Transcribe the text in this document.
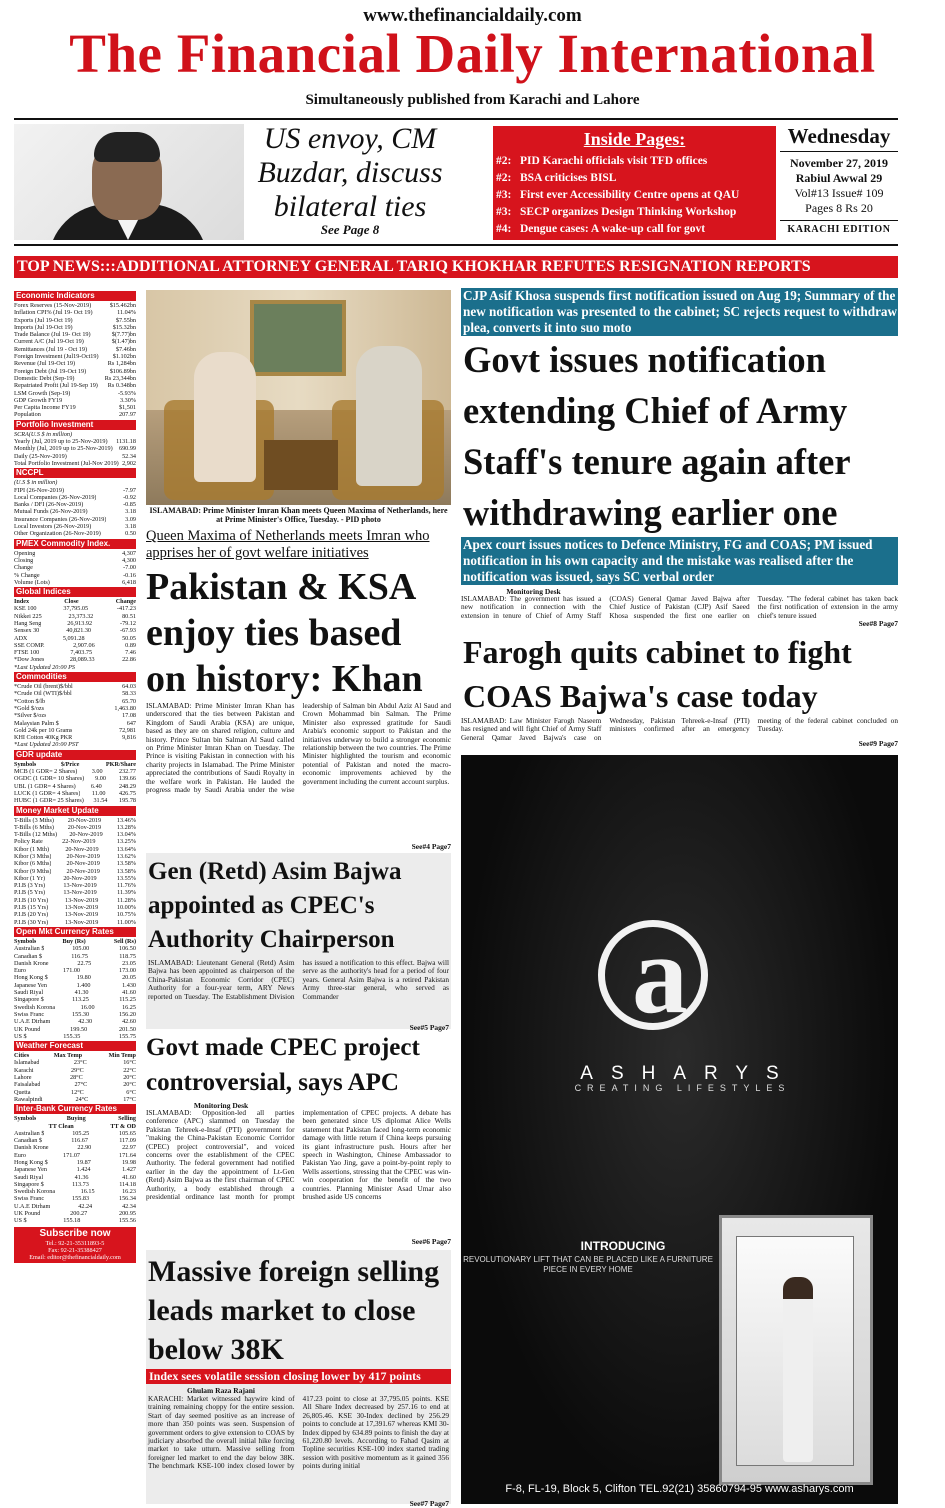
www.thefinancialdaily.com
The Financial Daily International
Simultaneously published from Karachi and Lahore
US envoy, CM Buzdar, discuss bilateral ties
See Page 8
Inside Pages:
#2: PID Karachi officials visit TFD offices
#2: BSA criticises BISL
#3: First ever Accessibility Centre opens at QAU
#3: SECP organizes Design Thinking Workshop
#4: Dengue cases: A wake-up call for govt
Wednesday
November 27, 2019
Rabiul Awwal 29
Vol#13 Issue# 109
Pages 8 Rs 20
KARACHI EDITION
TOP NEWS:::ADDITIONAL ATTORNEY GENERAL TARIQ KHOKHAR REFUTES RESIGNATION REPORTS
Economic Indicators
Forex Reserves (15-Nov-2019)	$15.462bn
Inflation CPI% (Jul 19- Oct 19)	11.04%
Exports (Jul 19-Oct 19)	$7.55bn
Imports (Jul 19-Oct 19)	$15.32bn
Trade Balance (Jul 19- Oct 19)	$(7.77)bn
Current A/C (Jul 19-Oct 19)	$(1.47)bn
Remittances (Jul 19 - Oct 19)	$7.46bn
Foreign Investment (Jul19-Oct19) $1.102bn
Revenue (Jul 19-Oct 19)	Rs 1,284bn
Foreign Debt (Jul 19-Oct 19)	$106.89bn
Domestic Debt (Sep-19)	Rs 23,344bn
Repatriated Profit (Jul 19-Sep 19) Rs 0.348bn
LSM Growth (Sep-19)	-5.93%
GDP Growth FY19	3.30%
Per Capita Income FY19	$1,501
Population	207.97
Portfolio Investment
SCRA(U.S $ in million)
Yearly (Jul, 2019 up to 25-Nov-2019) 1131.18
Monthly (Jul, 2019 up to 25-Nov-2019) 690.99
Daily (25-Nov-2019)	52.34
Total Portfolio Investment (Jul-Nov 2019) 2,902
NCCPL
(U.S $ in million)
FIPI (26-Nov-2019)	-7.97
Local Companies (26-Nov-2019)	-0.92
Banks / DFI (26-Nov-2019)	-0.85
Mutual Funds (26-Nov-2019)	3.18
Insurance Companies (26-Nov-2019)	3.09
Local Investors (26-Nov-2019)	3.18
Other Organization (26-Nov-2019)	0.50
PMEX Commodity Index.
Opening	4,307
Closing	4,300
Change	-7.00
% Change	-0.16
Volume (Lots)	6,418
Global Indices
Index	Close	Change
KSE 100	37,795.05	-417.23
Nikkei 225	23,373.32	80.51
Hang Seng	26,913.92	-79.12
Sensex 30	40,821.30	-67.93
ADX	5,091.28	50.05
SSE COMP.	2,907.06	0.89
FTSE 100	7,403.75	7.46
*Dow Jones	28,089.33	22.86
*Last Updated 20:00 PS
Commodities
*Crude Oil (brent)$/bbl	64.03
*Crude Oil (WTI)$/bbl	58.33
*Cotton $/lb	65.70
*Gold $/ozs	1,463.80
*Silver $/ozs	17.08
Malaysian Palm $	647
Gold 24k per 10 Grams	72,981
KHI Cotton 40Kg PKR	9,816
*Last Updated 20:00 PST
GDR update
Symbols	$/Price	PKR/Share
MCB (1 GDR= 2 Shares) 3.00	232.77
OGDC (1 GDR= 10 Shares) 9.00 139.66
UBL (1 GDR= 4 Shares) 6.40	248.29
LUCK (1 GDR= 4 Shares) 11.00 426.75
HUBC (1 GDR= 25 Shares) 31.54 195.78
Money Market Update
T-Bills (3 Mths) 20-Nov-2019	13.46%
T-Bills (6 Mths) 20-Nov-2019	13.28%
T-Bills (12 Mths) 20-Nov-2019 13.04%
Policy Rate	22-Nov-2019	13.25%
Kibor (1 Mth)	20-Nov-2019	13.64%
Kibor (3 Mths) 20-Nov-2019	13.62%
Kibor (6 Mths) 20-Nov-2019	13.58%
Kibor (9 Mths) 20-Nov-2019	13.58%
Kibor (1 Yr)	20-Nov-2019	13.55%
P.I.B (3 Yrs)	13-Nov-2019	11.76%
P.I.B (5 Yrs)	13-Nov-2019	11.39%
P.I.B (10 Yrs)	13-Nov-2019	11.28%
P.I.B (15 Yrs)	13-Nov-2019	10.00%
P.I.B (20 Yrs)	13-Nov-2019	10.75%
P.I.B (30 Yrs)	13-Nov-2019	11.00%
Open Mkt Currency Rates
Symbols	Buy (Rs)	Sell (Rs)
Australian $	105.00	106.50
Canadian $	116.75	118.75
Danish Krone	22.75	23.05
Euro	171.00	173.00
Hong Kong $	19.80	20.05
Japanese Yen	1.400	1.430
Saudi Riyal	41.30	41.60
Singapore $	113.25	115.25
Swedish Korona	16.00	16.25
Swiss Franc	155.30	156.20
U.A.E Dirham	42.30	42.60
UK Pound	199.50	201.50
US $	155.35	155.75
Weather Forecast
Cities	Max Temp	Min Temp
Islamabad	23°C	16°C
Karachi	29°C	22°C
Lahore	28°C	20°C
Faisalabad	27°C	20°C
Quetta	12°C	6°C
Rawalpindi	24°C	17°C
Inter-Bank Currency Rates
Symbols	Buying	Selling
TT Clean	TT & OD
Australian $	105.25	105.65
Canadian $	116.67	117.09
Danish Krone	22.90	22.97
Euro	171.07	171.64
Hong Kong $	19.87	19.98
Japanese Yen	1.424	1.427
Saudi Riyal	41.36	41.60
Singapore $	113.73	114.18
Swedish Korona	16.15	16.23
Swiss Franc	155.83	156.34
U.A.E Dirham	42.24	42.34
UK Pound	200.27	200.95
US $	155.18	155.56
Subscribe now
Tel.: 92-21-35311893-5
Fax: 92-21-35388427
Email: editor@thefinancialdaily.com
ISLAMABAD: Prime Minister Imran Khan meets Queen Maxima of Netherlands, here at Prime Minister's Office, Tuesday. - PID photo
Queen Maxima of Netherlands meets Imran who apprises her of govt welfare initiatives
Pakistan & KSA enjoy ties based on history: Khan
ISLAMABAD: Prime Minister Imran Khan has underscored that the ties between Pakistan and Kingdom of Saudi Arabia (KSA) are unique, based as they are on shared religion, culture and history. Prince Sultan bin Salman Al Saud called on Prime Minister Imran Khan on Tuesday. The Prince is visiting Pakistan in connection with his charity projects in Islamabad. The Prime Minister appreciated the contributions of Saudi Royalty in the welfare work in Pakistan. He lauded the progress made by Saudi Arabia under the wise leadership of Salman bin Abdul Aziz Al Saud and Crown Mohammad bin Salman. The Prime Minister also expressed gratitude for Saudi Arabia's economic support to Pakistan and the initiatives underway to build a stronger economic relationship between the two countries. The Prime Minister highlighted the tourism and economic potential of Pakistan and noted the macro-economic improvements achieved by the government including the current account surplus.
See#4 Page7
Gen (Retd) Asim Bajwa appointed as CPEC's Authority Chairperson
ISLAMABAD: Lieutenant General (Retd) Asim Bajwa has been appointed as chairperson of the China-Pakistan Economic Corridor (CPEC) Authority for a four-year term, ARY News reported on Tuesday. The Establishment Division has issued a notification to this effect. Bajwa will serve as the authority's head for a period of four years. General Asim Bajwa is a retired Pakistan Army three-star general, who served as Commander
See#5 Page7
Govt made CPEC project controversial, says APC
Monitoring Desk
ISLAMABAD: Opposition-led all parties conference (APC) slammed on Tuesday the Pakistan Tehreek-e-Insaf (PTI) government for "making the China-Pakistan Economic Corridor (CPEC) project controversial", and voiced concerns over the establishment of the CPEC Authority. The federal government had notified earlier in the day the appointment of Lt-Gen (Retd) Asim Bajwa as the first chairman of CPEC Authority, a body established through a presidential ordinance last month for prompt implementation of CPEC projects. A debate has been generated since US diplomat Alice Wells statement that Pakistan faced long-term economic damage with little return if China keeps pursuing its giant infrastructure push. Hours after her speech in Washington, Chinese Ambassador to Pakistan Yao Jing, gave a point-by-point reply to Wells assertions, stressing that the CPEC was win-win cooperation for the benefit of the two countries. Planning Minister Asad Umar also brushed aside US concerns
See#6 Page7
Massive foreign selling leads market to close below 38K
Index sees volatile session closing lower by 417 points
Ghulam Raza Rajani
KARACHI: Market witnessed haywire kind of training remaining choppy for the entire session. Start of day seemed positive as an increase of more than 350 points was seen. Suspension of government orders to give extension to COAS by judiciary absorbed the overall initial hike forcing market to take utturn. Massive selling from foreigner led market to end the day below 38K. The benchmark KSE-100 index closed lower by 417.23 point to close at 37,795.05 points. KSE All Share Index decreased by 257.16 to end at 26,805.46. KSE 30-Index declined by 256.29 points to conclude at 17,391.67 whereas KMI 30-Index dipped by 634.89 points to finish the day at 61,220.80 levels. According to Fahad Qasim at Topline securities KSE-100 index started trading session with positive momentum as it gained 356 points during initial
See#7 Page7
CJP Asif Khosa suspends first notification issued on Aug 19; Summary of the new notification was presented to the cabinet; SC rejects request to withdraw plea, converts it into suo moto
Govt issues notification extending Chief of Army Staff's tenure again after withdrawing earlier one
Apex court issues notices to Defence Ministry, FG and COAS; PM issued notification in his own capacity and the mistake was realised after the notification was issued, says SC verbal order
Monitoring Desk
ISLAMABAD: The government has issued a new notification in connection with the extension in tenure of Chief of Army Staff (COAS) General Qamar Javed Bajwa after Chief Justice of Pakistan (CJP) Asif Saeed Khosa suspended the first one earlier on Tuesday. "The federal cabinet has taken back the first notification of extension in the army chief's tenure issued
See#8 Page7
Farogh quits cabinet to fight COAS Bajwa's case today
ISLAMABAD: Law Minister Farogh Naseem has resigned and will fight Chief of Army Staff General Qamar Javed Bajwa's case on Wednesday, Pakistan Tehreek-e-Insaf (PTI) ministers confirmed after an emergency meeting of the federal cabinet concluded on Tuesday.
See#9 Page7
a
ASHARYS
CREATING LIFESTYLES
INTRODUCING
REVOLUTIONARY LIFT THAT CAN BE PLACED LIKE A FURNITURE PIECE IN EVERY HOME
F-8, FL-19, Block 5, Clifton TEL.92(21) 35860794-95 www.asharys.com
